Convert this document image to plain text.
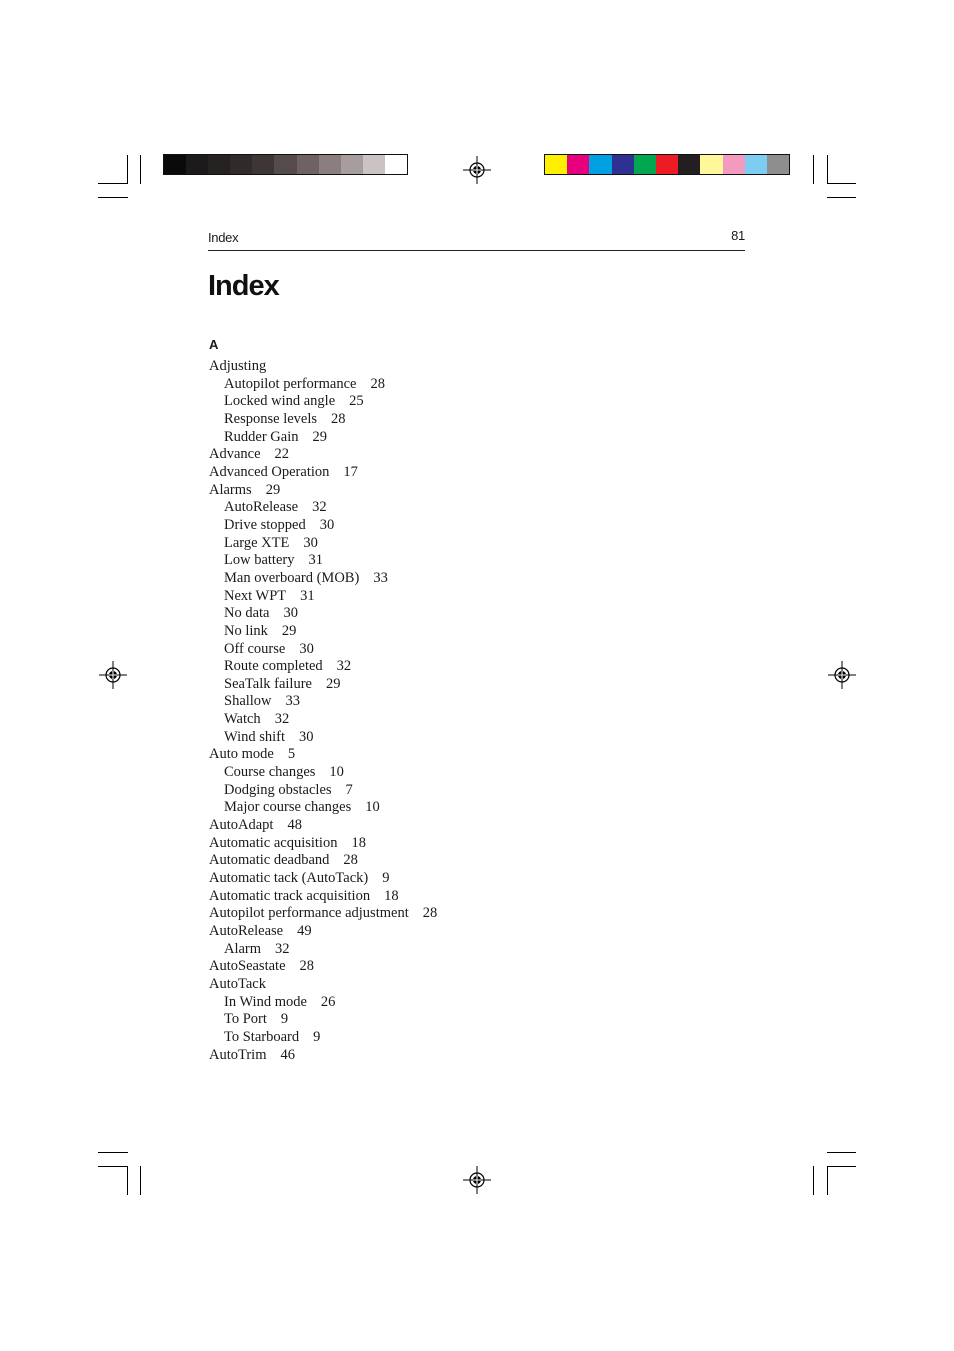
Index	81
Index
A
Adjusting
Autopilot performance 28
Locked wind angle 25
Response levels 28
Rudder Gain 29
Advance 22
Advanced Operation 17
Alarms 29
AutoRelease 32
Drive stopped 30
Large XTE 30
Low battery 31
Man overboard (MOB) 33
Next WPT 31
No data 30
No link 29
Off course 30
Route completed 32
SeaTalk failure 29
Shallow 33
Watch 32
Wind shift 30
Auto mode 5
Course changes 10
Dodging obstacles 7
Major course changes 10
AutoAdapt 48
Automatic acquisition 18
Automatic deadband 28
Automatic tack (AutoTack) 9
Automatic track acquisition 18
Autopilot performance adjustment 28
AutoRelease 49
Alarm 32
AutoSeastate 28
AutoTack
In Wind mode 26
To Port 9
To Starboard 9
AutoTrim 46
